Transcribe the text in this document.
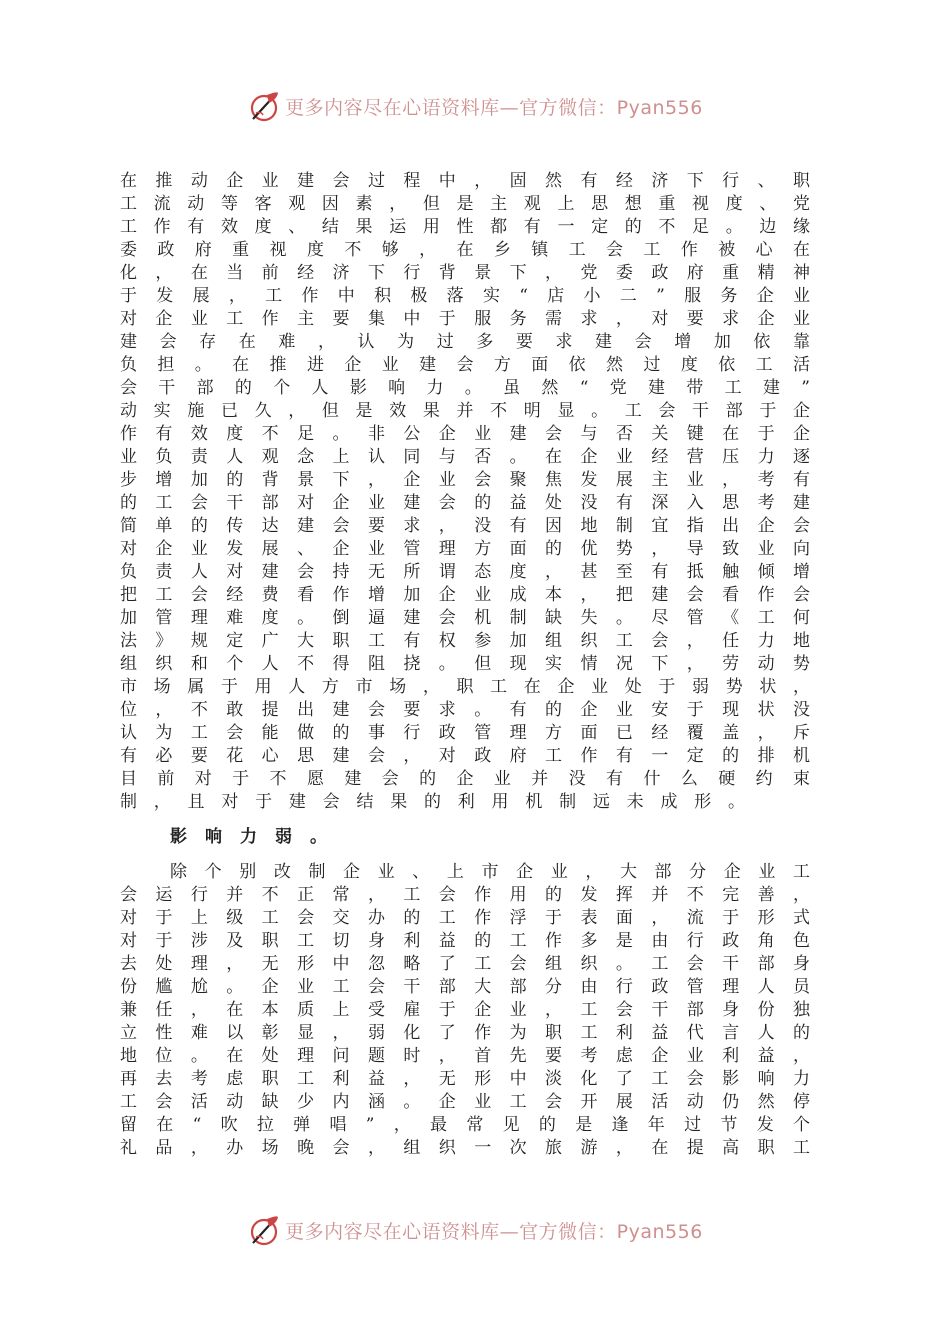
更多内容尽在心语资料库—官方微信：Pyan556
在推动企业建会过程中，固然有经济下行、职
工流动等客观因素，但是主观上思想重视度、党
工作有效度、结果运用性都有一定的不足。边缘
委政府重视度不够，在乡镇工会工作被心在
化，在当前经济下行背景下，党委政府重精神
于发展，工作中积极落实“店小二”服务企业
对企业工作主要集中于服务需求，对要求企业
建会存在难，认为过多要求建会增加依靠
负担。在推进企业建会方面依然过度依工活
会干部的个人影响力。虽然“党建带工建”
动实施已久，但是效果并不明显。工会干部于企
作有效度不足。非公企业建会与否关键在于企
业负责人观念上认同与否。在企业经营压力逐
步增加的背景下，企业会聚焦发展主业，考有
的工会干部对企业建会的益处没有深入思考建
简单的传达建会要求，没有因地制宜指出企会
对企业发展、企业管理方面的优势，导致业向
负责人对建会持无所谓态度，甚至有抵触倾增
把工会经费看作增加企业成本，把建会看作会
加管理难度。倒逼建会机制缺失。尽管《工何
法》规定广大职工有权参加组织工会，任力地
组织和个人不得阻挠。但现实情况下，劳动势
市场属于用人方市场，职工在企业处于弱势状，
位，不敢提出建会要求。有的企业安于现状没
认为工会能做的事行政管理方面已经覆盖，斥
有必要花心思建会，对政府工作有一定的排机
目前对于不愿建会的企业并没有什么硬约束
制，且对于建会结果的利用机制远未成形。
影响力弱。
除个别改制企业、上市企业，大部分企业工
会运行并不正常，工会作用的发挥并不完善，
对于上级工会交办的工作浮于表面，流于形式
对于涉及职工切身利益的工作多是由行政角色
去处理，无形中忽略了工会组织。工会干部身
份尴尬。企业工会干部大部分由行政管理人员
兼任，在本质上受雇于企业，工会干部身份独
立性难以彰显，弱化了作为职工利益代言人的
地位。在处理问题时，首先要考虑企业利益，
再去考虑职工利益，无形中淡化了工会影响力
工会活动缺少内涵。企业工会开展活动仍然停
留在“吹拉弹唱”，最常见的是逢年过节发个
礼品，办场晚会，组织一次旅游，在提高职工
更多内容尽在心语资料库—官方微信：Pyan556
